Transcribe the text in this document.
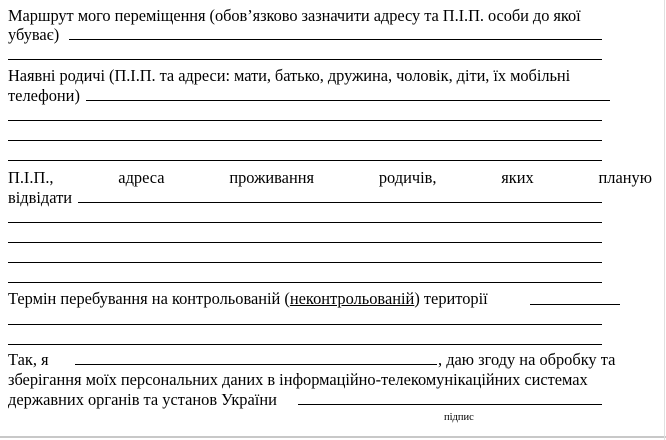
Маршрут мого переміщення (обов’язково зазначити адресу та П.І.П. особи до якої
убуває)
Наявні родичі (П.І.П. та адреси: мати, батько, дружина, чоловік, діти, їх мобільні
телефони)
П.І.П.,	адреса	проживання	родичів,	яких	планую
відвідати
Термін перебування на контрольованій (неконтрольованій) території
Так, я	, даю згоду на обробку та
зберігання моїх персональних даних в інформаційно-телекомунікаційних системах
державних органів та установ України
підпис
